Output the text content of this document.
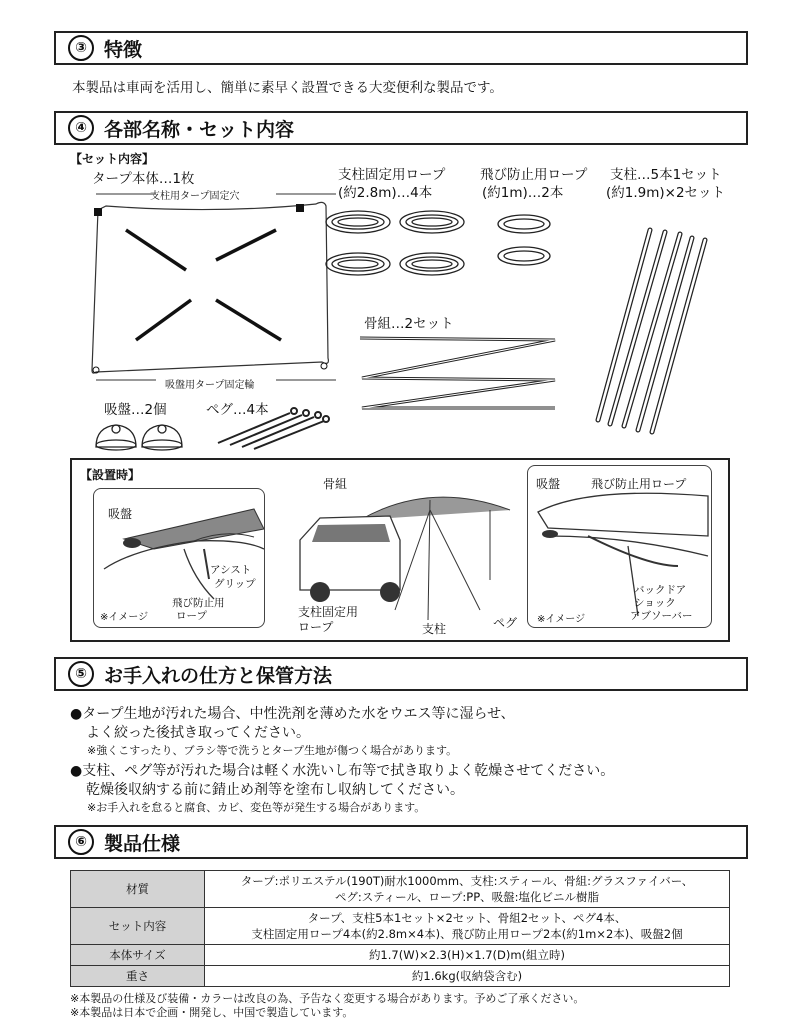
③ 特徴
本製品は車両を活用し、簡単に素早く設置できる大変便利な製品です。
④ 各部名称・セット内容
【セット内容】
タープ本体…1枚
支柱用タープ固定穴
吸盤用タープ固定輪
支柱固定用ロープ
(約2.8m)…4本
飛び防止用ロープ
(約1m)…2本
支柱…5本1セット
(約1.9m)×2セット
骨組…2セット
吸盤…2個	ペグ…4本
【設置時】
吸盤
アシスト
グリップ
飛び防止用
ロープ
※イメージ
骨組
支柱固定用
ロープ	支柱	ペグ
吸盤	飛び防止用ロープ
バックドア
ショック
アブソーバー
※イメージ
⑤ お手入れの仕方と保管方法
●タープ生地が汚れた場合、中性洗剤を薄めた水をウエス等に湿らせ、
よく絞った後拭き取ってください。
※強くこすったり、ブラシ等で洗うとタープ生地が傷つく場合があります。
●支柱、ペグ等が汚れた場合は軽く水洗いし布等で拭き取りよく乾燥させてください。
乾燥後収納する前に錆止め剤等を塗布し収納してください。
※お手入れを怠ると腐食、カビ、変色等が発生する場合があります。
⑥ 製品仕様
材質	タープ:ポリエステル(190T)耐水1000mm、支柱:スティール、骨組:グラスファイバー、
ペグ:スティール、ロープ:PP、吸盤:塩化ビニル樹脂

セット内容	タープ、支柱5本1セット×2セット、骨組2セット、ペグ4本、
支柱固定用ロープ4本(約2.8m×4本)、飛び防止用ロープ2本(約1m×2本)、吸盤2個

本体サイズ	約1.7(W)×2.3(H)×1.7(D)m(組立時)
重さ	約1.6kg(収納袋含む)
※本製品の仕様及び装備・カラーは改良の為、予告なく変更する場合があります。予めご了承ください。
※本製品は日本で企画・開発し、中国で製造しています。
